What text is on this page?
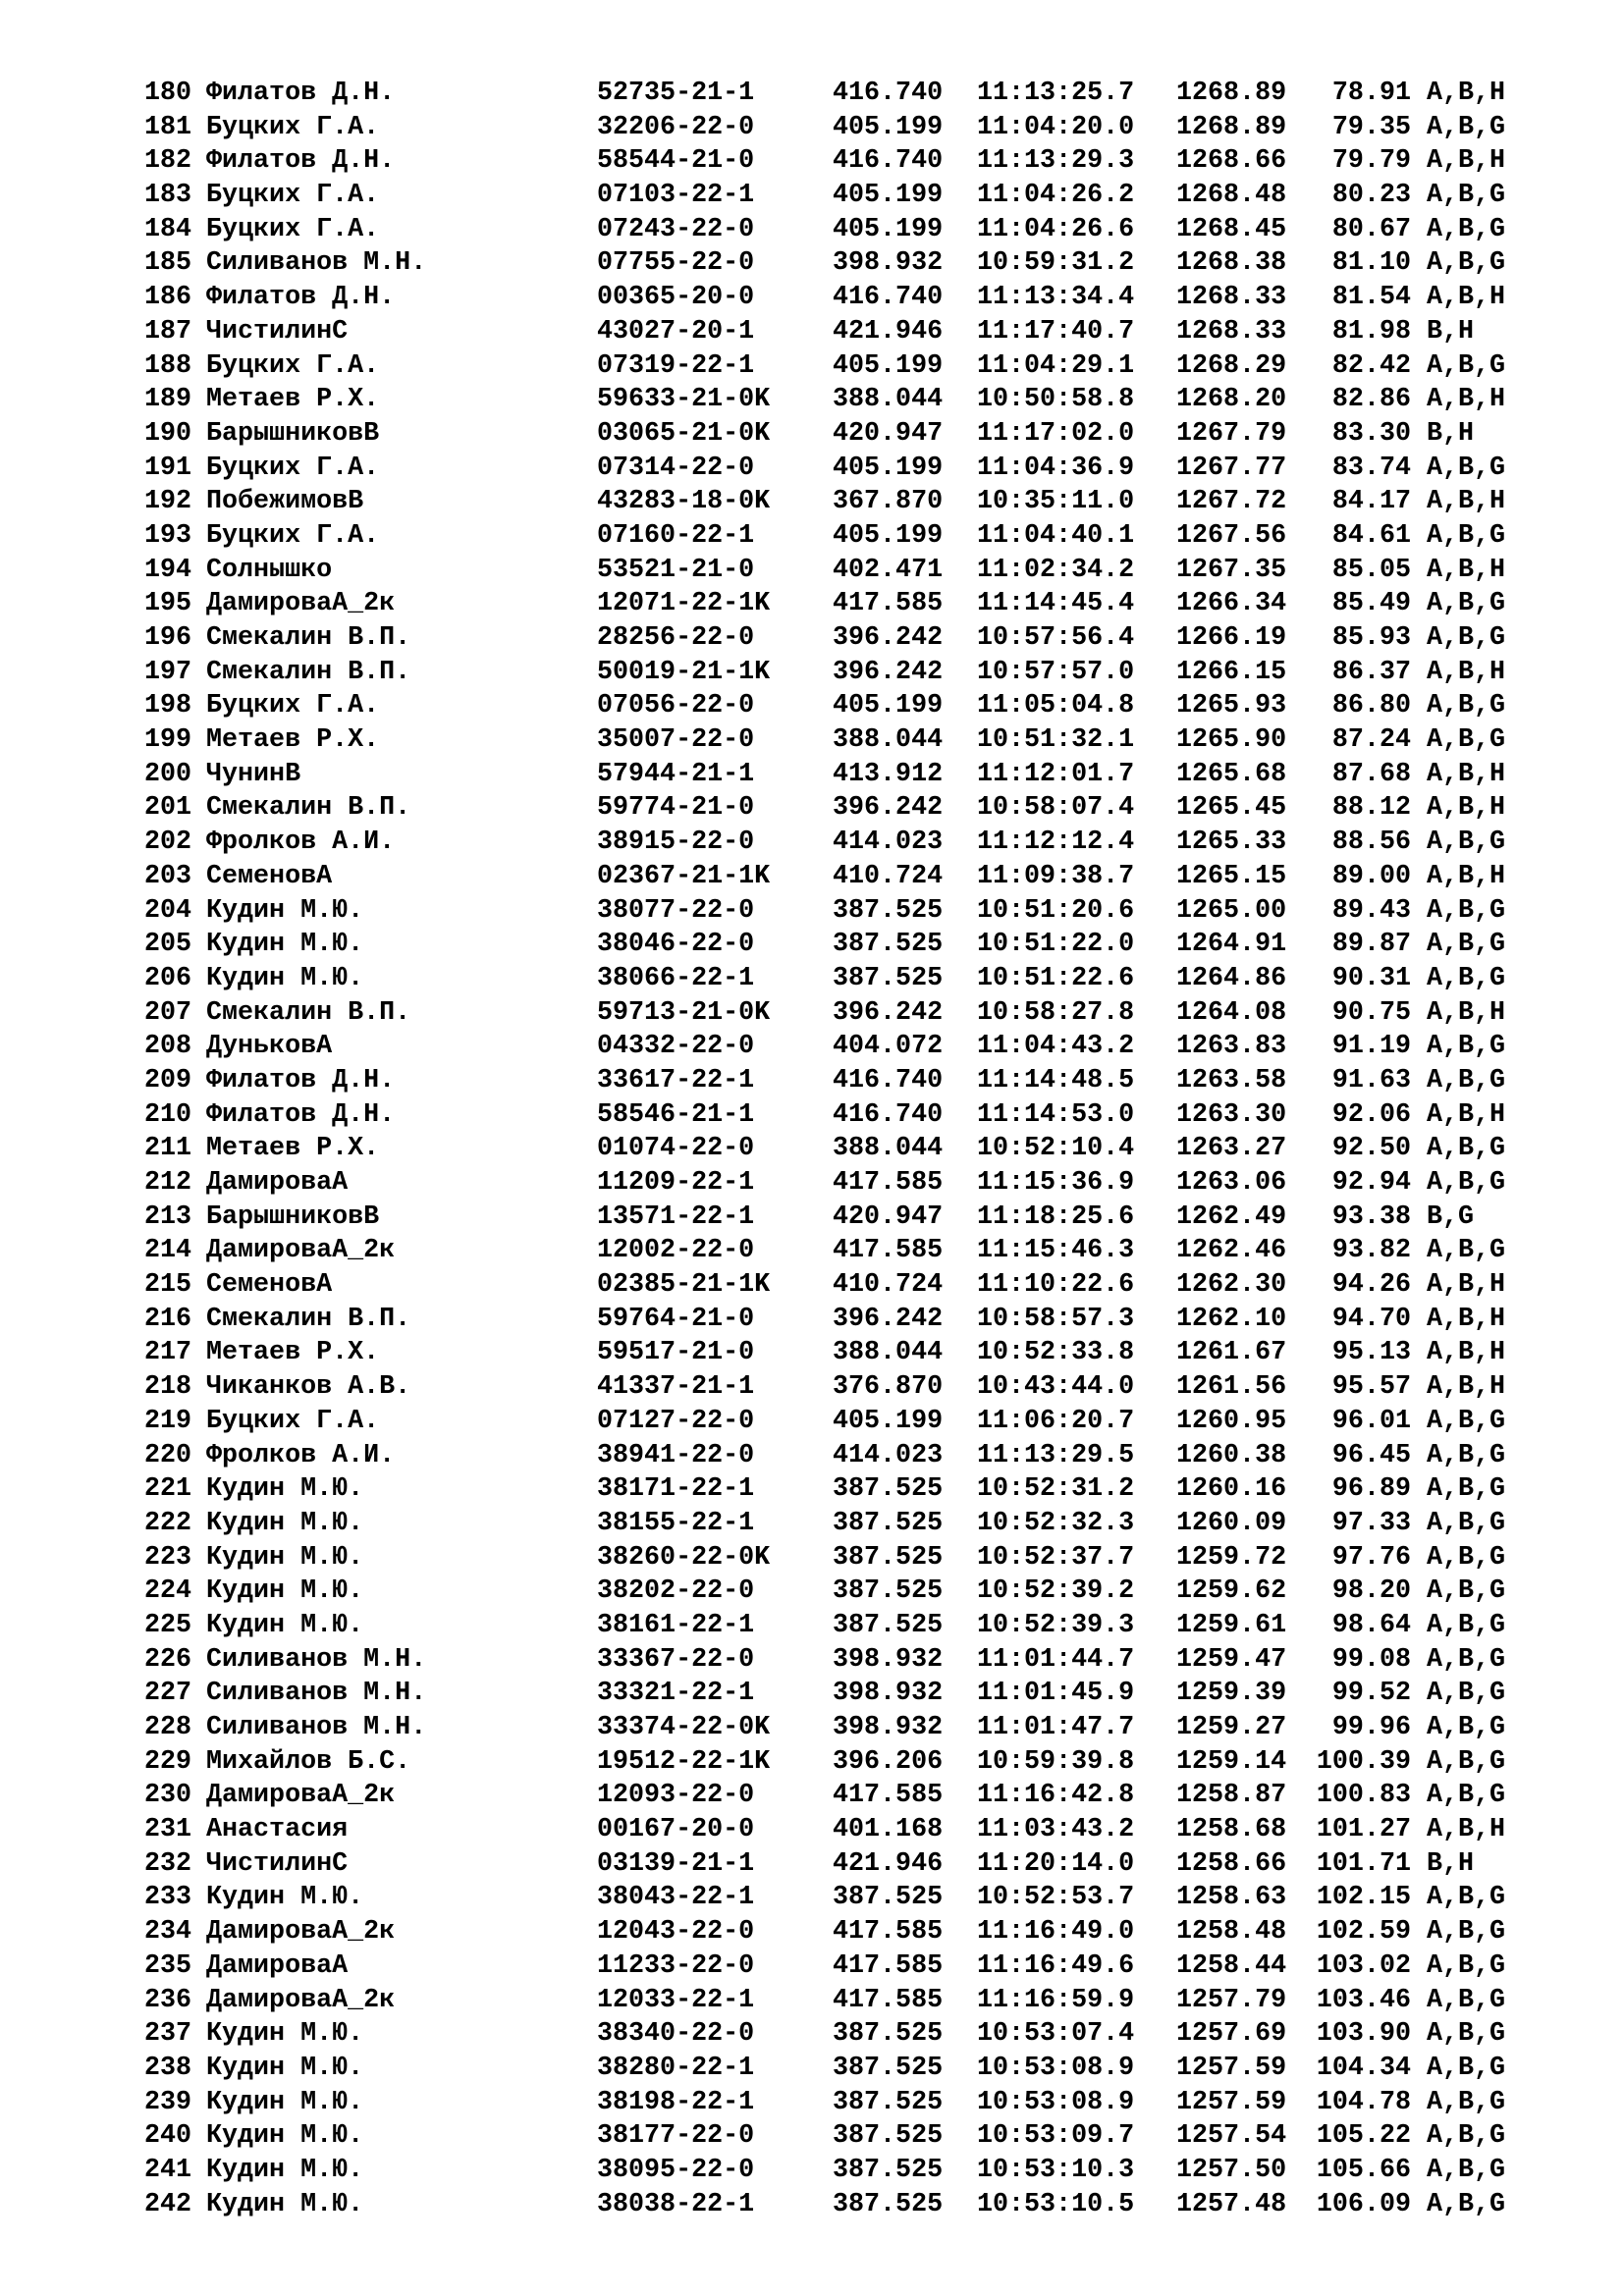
180 Филатов Д.Н.	52735-21-1	416.740	11:13:25.7	1268.89	78.91 A,B,H
181 Буцких Г.А.	32206-22-0	405.199	11:04:20.0	1268.89	79.35 A,B,G
182 Филатов Д.Н.	58544-21-0	416.740	11:13:29.3	1268.66	79.79 A,B,H
183 Буцких Г.А.	07103-22-1	405.199	11:04:26.2	1268.48	80.23 A,B,G
184 Буцких Г.А.	07243-22-0	405.199	11:04:26.6	1268.45	80.67 A,B,G
185 Силиванов М.Н.	07755-22-0	398.932	10:59:31.2	1268.38	81.10 A,B,G
186 Филатов Д.Н.	00365-20-0	416.740	11:13:34.4	1268.33	81.54 A,B,H
187 ЧистилинС	43027-20-1	421.946	11:17:40.7	1268.33	81.98 B,H
188 Буцких Г.А.	07319-22-1	405.199	11:04:29.1	1268.29	82.42 A,B,G
189 Метаев Р.Х.	59633-21-0K	388.044	10:50:58.8	1268.20	82.86 A,B,H
190 БарышниковВ	03065-21-0K	420.947	11:17:02.0	1267.79	83.30 B,H
191 Буцких Г.А.	07314-22-0	405.199	11:04:36.9	1267.77	83.74 A,B,G
192 ПобежимовВ	43283-18-0K	367.870	10:35:11.0	1267.72	84.17 A,B,H
193 Буцких Г.А.	07160-22-1	405.199	11:04:40.1	1267.56	84.61 A,B,G
194 Солнышко	53521-21-0	402.471	11:02:34.2	1267.35	85.05 A,B,H
195 ДамироваА_2к	12071-22-1K	417.585	11:14:45.4	1266.34	85.49 A,B,G
196 Смекалин В.П.	28256-22-0	396.242	10:57:56.4	1266.19	85.93 A,B,G
197 Смекалин В.П.	50019-21-1K	396.242	10:57:57.0	1266.15	86.37 A,B,H
198 Буцких Г.А.	07056-22-0	405.199	11:05:04.8	1265.93	86.80 A,B,G
199 Метаев Р.Х.	35007-22-0	388.044	10:51:32.1	1265.90	87.24 A,B,G
200 ЧунинВ	57944-21-1	413.912	11:12:01.7	1265.68	87.68 A,B,H
201 Смекалин В.П.	59774-21-0	396.242	10:58:07.4	1265.45	88.12 A,B,H
202 Фролков А.И.	38915-22-0	414.023	11:12:12.4	1265.33	88.56 A,B,G
203 СеменовА	02367-21-1K	410.724	11:09:38.7	1265.15	89.00 A,B,H
204 Кудин М.Ю.	38077-22-0	387.525	10:51:20.6	1265.00	89.43 A,B,G
205 Кудин М.Ю.	38046-22-0	387.525	10:51:22.0	1264.91	89.87 A,B,G
206 Кудин М.Ю.	38066-22-1	387.525	10:51:22.6	1264.86	90.31 A,B,G
207 Смекалин В.П.	59713-21-0K	396.242	10:58:27.8	1264.08	90.75 A,B,H
208 ДуньковА	04332-22-0	404.072	11:04:43.2	1263.83	91.19 A,B,G
209 Филатов Д.Н.	33617-22-1	416.740	11:14:48.5	1263.58	91.63 A,B,G
210 Филатов Д.Н.	58546-21-1	416.740	11:14:53.0	1263.30	92.06 A,B,H
211 Метаев Р.Х.	01074-22-0	388.044	10:52:10.4	1263.27	92.50 A,B,G
212 ДамироваА	11209-22-1	417.585	11:15:36.9	1263.06	92.94 A,B,G
213 БарышниковВ	13571-22-1	420.947	11:18:25.6	1262.49	93.38 B,G
214 ДамироваА_2к	12002-22-0	417.585	11:15:46.3	1262.46	93.82 A,B,G
215 СеменовА	02385-21-1K	410.724	11:10:22.6	1262.30	94.26 A,B,H
216 Смекалин В.П.	59764-21-0	396.242	10:58:57.3	1262.10	94.70 A,B,H
217 Метаев Р.Х.	59517-21-0	388.044	10:52:33.8	1261.67	95.13 A,B,H
218 Чиканков А.В.	41337-21-1	376.870	10:43:44.0	1261.56	95.57 A,B,H
219 Буцких Г.А.	07127-22-0	405.199	11:06:20.7	1260.95	96.01 A,B,G
220 Фролков А.И.	38941-22-0	414.023	11:13:29.5	1260.38	96.45 A,B,G
221 Кудин М.Ю.	38171-22-1	387.525	10:52:31.2	1260.16	96.89 A,B,G
222 Кудин М.Ю.	38155-22-1	387.525	10:52:32.3	1260.09	97.33 A,B,G
223 Кудин М.Ю.	38260-22-0K	387.525	10:52:37.7	1259.72	97.76 A,B,G
224 Кудин М.Ю.	38202-22-0	387.525	10:52:39.2	1259.62	98.20 A,B,G
225 Кудин М.Ю.	38161-22-1	387.525	10:52:39.3	1259.61	98.64 A,B,G
226 Силиванов М.Н.	33367-22-0	398.932	11:01:44.7	1259.47	99.08 A,B,G
227 Силиванов М.Н.	33321-22-1	398.932	11:01:45.9	1259.39	99.52 A,B,G
228 Силиванов М.Н.	33374-22-0K	398.932	11:01:47.7	1259.27	99.96 A,B,G
229 Михайлов Б.С.	19512-22-1K	396.206	10:59:39.8	1259.14	100.39 A,B,G
230 ДамироваА_2к	12093-22-0	417.585	11:16:42.8	1258.87	100.83 A,B,G
231 Анастасия	00167-20-0	401.168	11:03:43.2	1258.68	101.27 A,B,H
232 ЧистилинС	03139-21-1	421.946	11:20:14.0	1258.66	101.71 B,H
233 Кудин М.Ю.	38043-22-1	387.525	10:52:53.7	1258.63	102.15 A,B,G
234 ДамироваА_2к	12043-22-0	417.585	11:16:49.0	1258.48	102.59 A,B,G
235 ДамироваА	11233-22-0	417.585	11:16:49.6	1258.44	103.02 A,B,G
236 ДамироваА_2к	12033-22-1	417.585	11:16:59.9	1257.79	103.46 A,B,G
237 Кудин М.Ю.	38340-22-0	387.525	10:53:07.4	1257.69	103.90 A,B,G
238 Кудин М.Ю.	38280-22-1	387.525	10:53:08.9	1257.59	104.34 A,B,G
239 Кудин М.Ю.	38198-22-1	387.525	10:53:08.9	1257.59	104.78 A,B,G
240 Кудин М.Ю.	38177-22-0	387.525	10:53:09.7	1257.54	105.22 A,B,G
241 Кудин М.Ю.	38095-22-0	387.525	10:53:10.3	1257.50	105.66 A,B,G
242 Кудин М.Ю.	38038-22-1	387.525	10:53:10.5	1257.48	106.09 A,B,G
